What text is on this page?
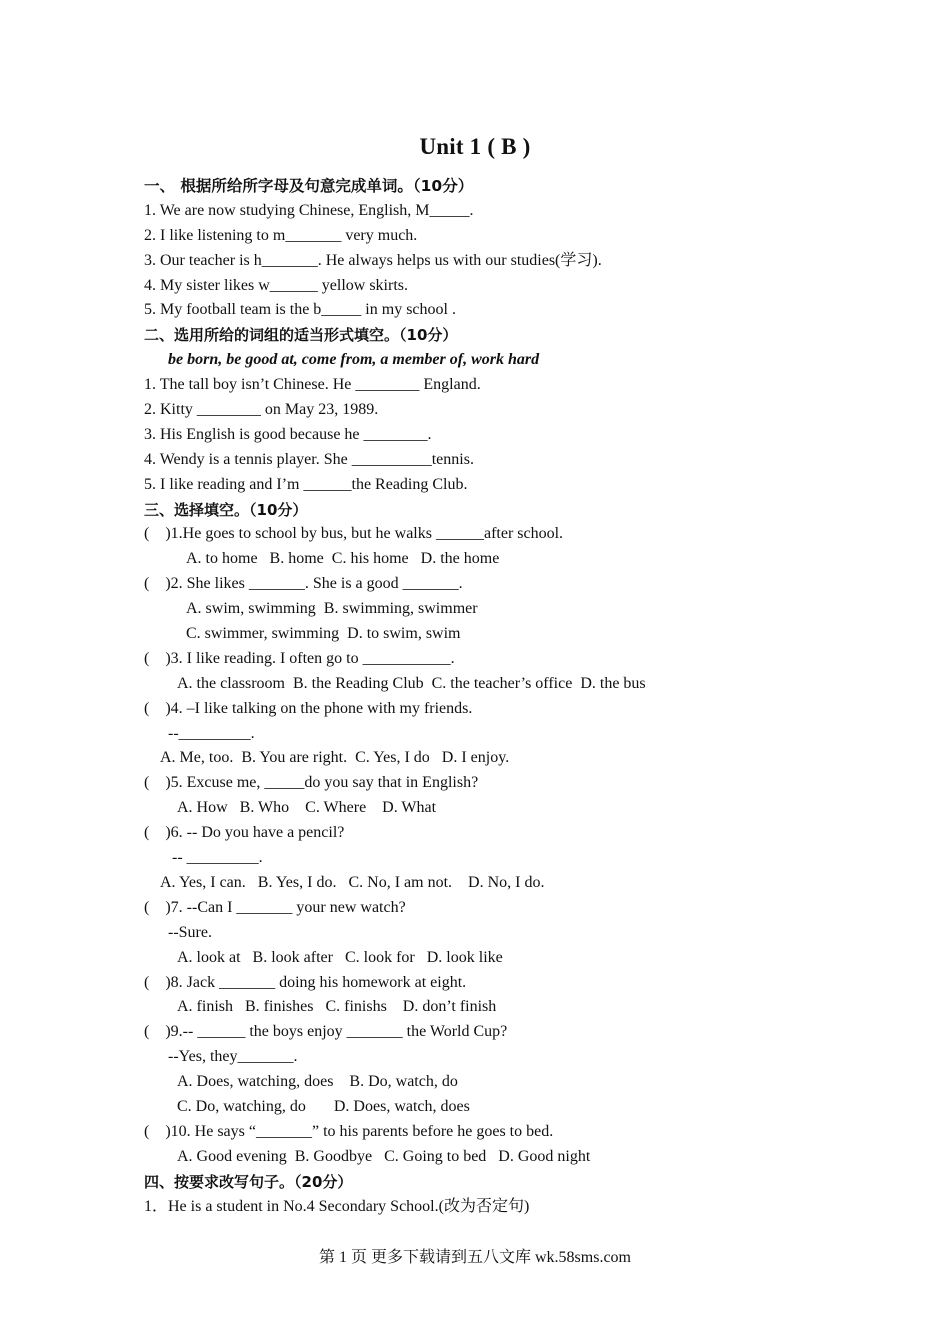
Unit 1 ( B )
一、 根据所给所字母及句意完成单词。（10分）
1. We are now studying Chinese, English, M_____.
2. I like listening to m_______ very much.
3. Our teacher is h_______. He always helps us with our studies(学习).
4. My sister likes w______ yellow skirts.
5. My football team is the b_____ in my school .
二、选用所给的词组的适当形式填空。（10分）
be born, be good at, come from, a member of, work hard
1. The tall boy isn’t Chinese. He ________ England.
2. Kitty ________ on May 23, 1989.
3. His English is good because he ________.
4. Wendy is a tennis player. She __________tennis.
5. I like reading and I’m ______the Reading Club.
三、选择填空。（10分）
(    )1.He goes to school by bus, but he walks ______after school.
A. to home   B. home  C. his home   D. the home
(    )2. She likes _______. She is a good _______.
A. swim, swimming  B. swimming, swimmer
C. swimmer, swimming  D. to swim, swim
(    )3. I like reading. I often go to ___________.
A. the classroom  B. the Reading Club  C. the teacher’s office  D. the bus
(    )4. –I like talking on the phone with my friends.
--_________.
A. Me, too.  B. You are right.  C. Yes, I do   D. I enjoy.
(    )5. Excuse me, _____do you say that in English?
A. How   B. Who    C. Where    D. What
(    )6. -- Do you have a pencil?
-- _________.
A. Yes, I can.   B. Yes, I do.   C. No, I am not.    D. No, I do.
(    )7. --Can I _______ your new watch?
--Sure.
A. look at   B. look after   C. look for   D. look like
(    )8. Jack _______ doing his homework at eight.
A. finish   B. finishes   C. finishs    D. don’t finish
(    )9.-- ______ the boys enjoy _______ the World Cup?
--Yes, they_______.
A. Does, watching, does    B. Do, watch, do
C. Do, watching, do       D. Does, watch, does
(    )10. He says “_______” to his parents before he goes to bed.
A. Good evening  B. Goodbye   C. Going to bed   D. Good night
四、按要求改写句子。（20分）
1．He is a student in No.4 Secondary School.(改为否定句)
第 1 页 更多下载请到五八文库 wk.58sms.com
